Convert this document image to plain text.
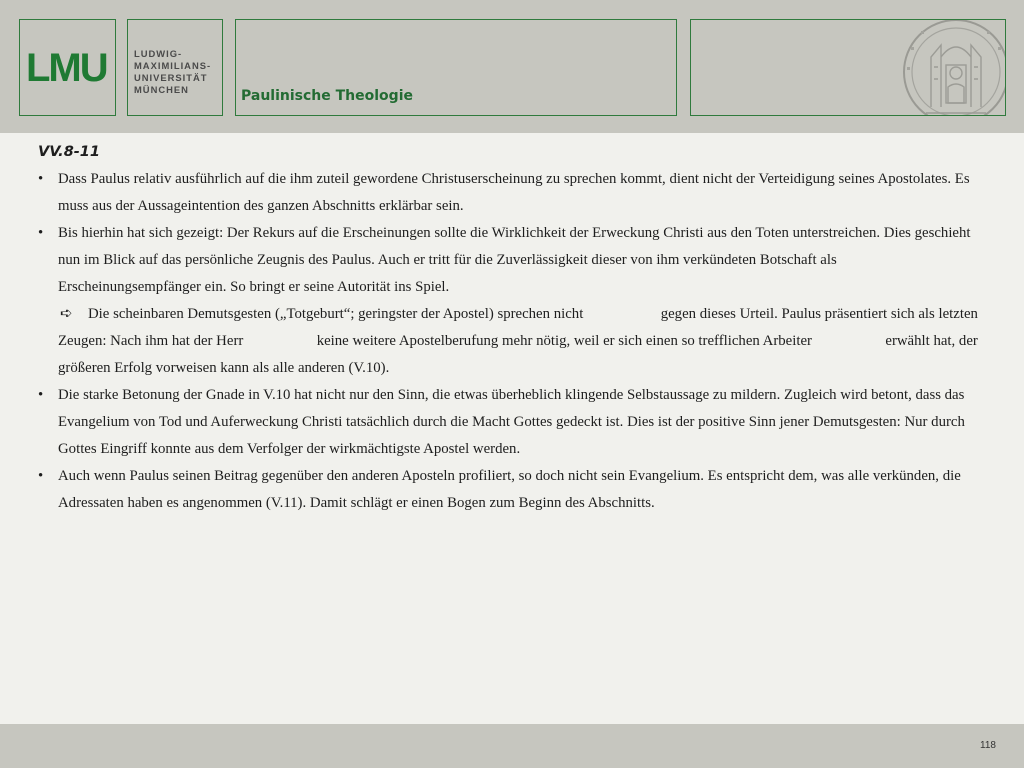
LMU	LUDWIG-
MAXIMILIANS-
UNIVERSITÄT
MÜNCHEN	Paulinische Theologie
VV.8-11
• Dass Paulus relativ ausführlich auf die ihm zuteil gewordene Christuserscheinung zu sprechen kommt, dient nicht der Verteidigung seines Apostolates. Es muss aus der Aussageintention des ganzen Abschnitts erklärbar sein.
• Bis hierhin hat sich gezeigt: Der Rekurs auf die Erscheinungen sollte die Wirklichkeit der Erweckung Christi aus den Toten unterstreichen. Dies geschieht nun im Blick auf das persönliche Zeugnis des Paulus. Auch er tritt für die Zuverlässigkeit dieser von ihm verkündeten Botschaft als Erscheinungsempfänger ein. So bringt er seine Autorität ins Spiel.
➪ Die scheinbaren Demutsgesten („Totgeburt“; geringster der Apostel) sprechen nicht	gegen dieses Urteil. Paulus präsentiert sich als letzten Zeugen: Nach ihm hat der Herr	keine weitere Apostelberufung mehr nötig, weil er sich einen so trefflichen Arbeiter	erwählt hat, der größeren Erfolg vorweisen kann als alle anderen (V.10).
• Die starke Betonung der Gnade in V.10 hat nicht nur den Sinn, die etwas überheblich klingende Selbstaussage zu mildern. Zugleich wird betont, dass das Evangelium von Tod und Auferweckung Christi tatsächlich durch die Macht Gottes gedeckt ist. Dies ist der positive Sinn jener Demutsgesten: Nur durch Gottes Eingriff konnte aus dem Verfolger der wirkmächtigste Apostel werden.
• Auch wenn Paulus seinen Beitrag gegenüber den anderen Aposteln profiliert, so doch nicht sein Evangelium. Es entspricht dem, was alle verkünden, die Adressaten haben es angenommen (V.11). Damit schlägt er einen Bogen zum Beginn des Abschnitts.
118
